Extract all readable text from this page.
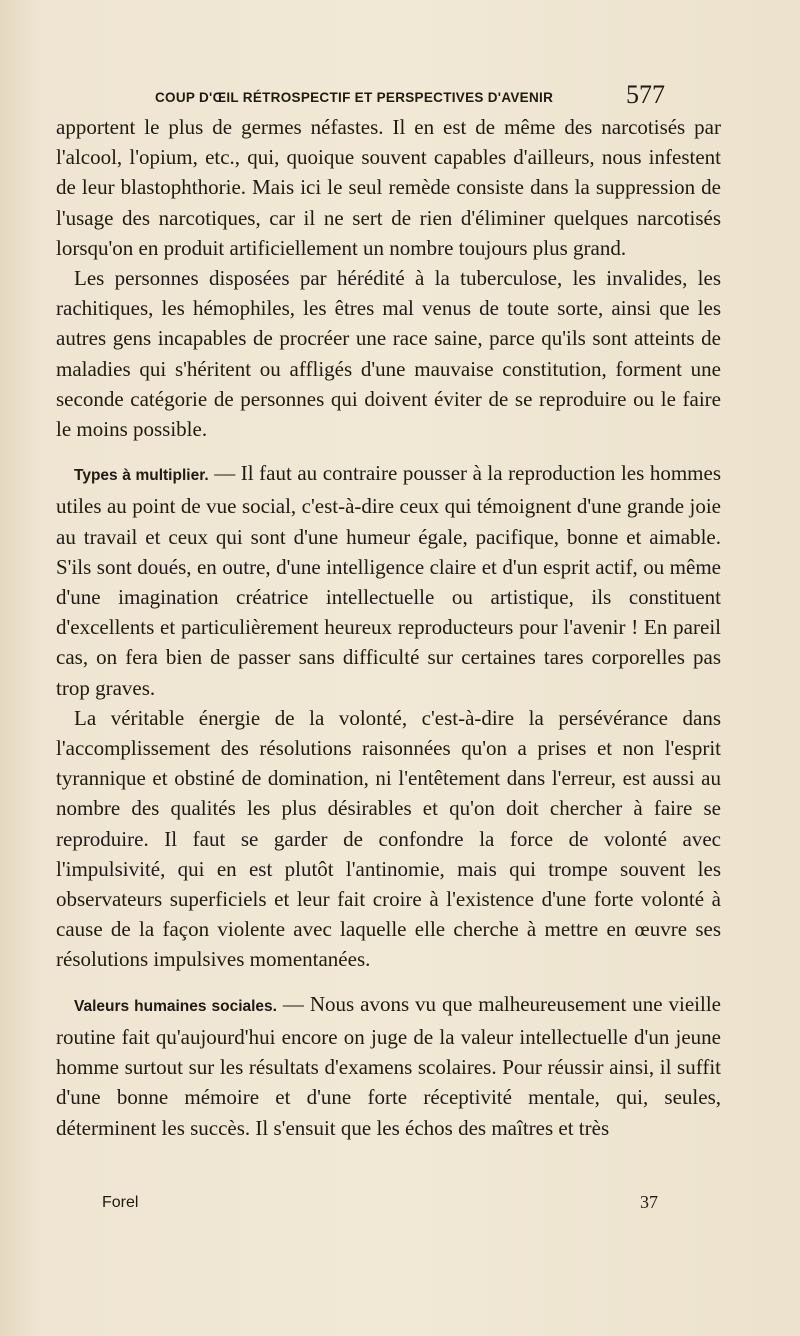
COUP D'ŒIL RÉTROSPECTIF ET PERSPECTIVES D'AVENIR	577

apportent le plus de germes néfastes. Il en est de même des narcotisés par l'alcool, l'opium, etc., qui, quoique souvent capables d'ailleurs, nous infestent de leur blastophthorie. Mais ici le seul remède consiste dans la suppression de l'usage des narcotiques, car il ne sert de rien d'éliminer quelques narcotisés lorsqu'on en produit artificiellement un nombre toujours plus grand.

Les personnes disposées par hérédité à la tuberculose, les invalides, les rachitiques, les hémophiles, les êtres mal venus de toute sorte, ainsi que les autres gens incapables de procréer une race saine, parce qu'ils sont atteints de maladies qui s'héritent ou affligés d'une mauvaise constitution, forment une seconde catégorie de personnes qui doivent éviter de se reproduire ou le faire le moins possible.

Types à multiplier. — Il faut au contraire pousser à la reproduction les hommes utiles au point de vue social, c'est-à-dire ceux qui témoignent d'une grande joie au travail et ceux qui sont d'une humeur égale, pacifique, bonne et aimable. S'ils sont doués, en outre, d'une intelligence claire et d'un esprit actif, ou même d'une imagination créatrice intellectuelle ou artistique, ils constituent d'excellents et particulièrement heureux reproducteurs pour l'avenir ! En pareil cas, on fera bien de passer sans difficulté sur certaines tares corporelles pas trop graves.

La véritable énergie de la volonté, c'est-à-dire la persévérance dans l'accomplissement des résolutions raisonnées qu'on a prises et non l'esprit tyrannique et obstiné de domination, ni l'entêtement dans l'erreur, est aussi au nombre des qualités les plus désirables et qu'on doit chercher à faire se reproduire. Il faut se garder de confondre la force de volonté avec l'impulsivité, qui en est plutôt l'antinomie, mais qui trompe souvent les observateurs superficiels et leur fait croire à l'existence d'une forte volonté à cause de la façon violente avec laquelle elle cherche à mettre en œuvre ses résolutions impulsives momentanées.

Valeurs humaines sociales. — Nous avons vu que malheureusement une vieille routine fait qu'aujourd'hui encore on juge de la valeur intellectuelle d'un jeune homme surtout sur les résultats d'examens scolaires. Pour réussir ainsi, il suffit d'une bonne mémoire et d'une forte réceptivité mentale, qui, seules, déterminent les succès. Il s'ensuit que les échos des maîtres et très

Forel	37
